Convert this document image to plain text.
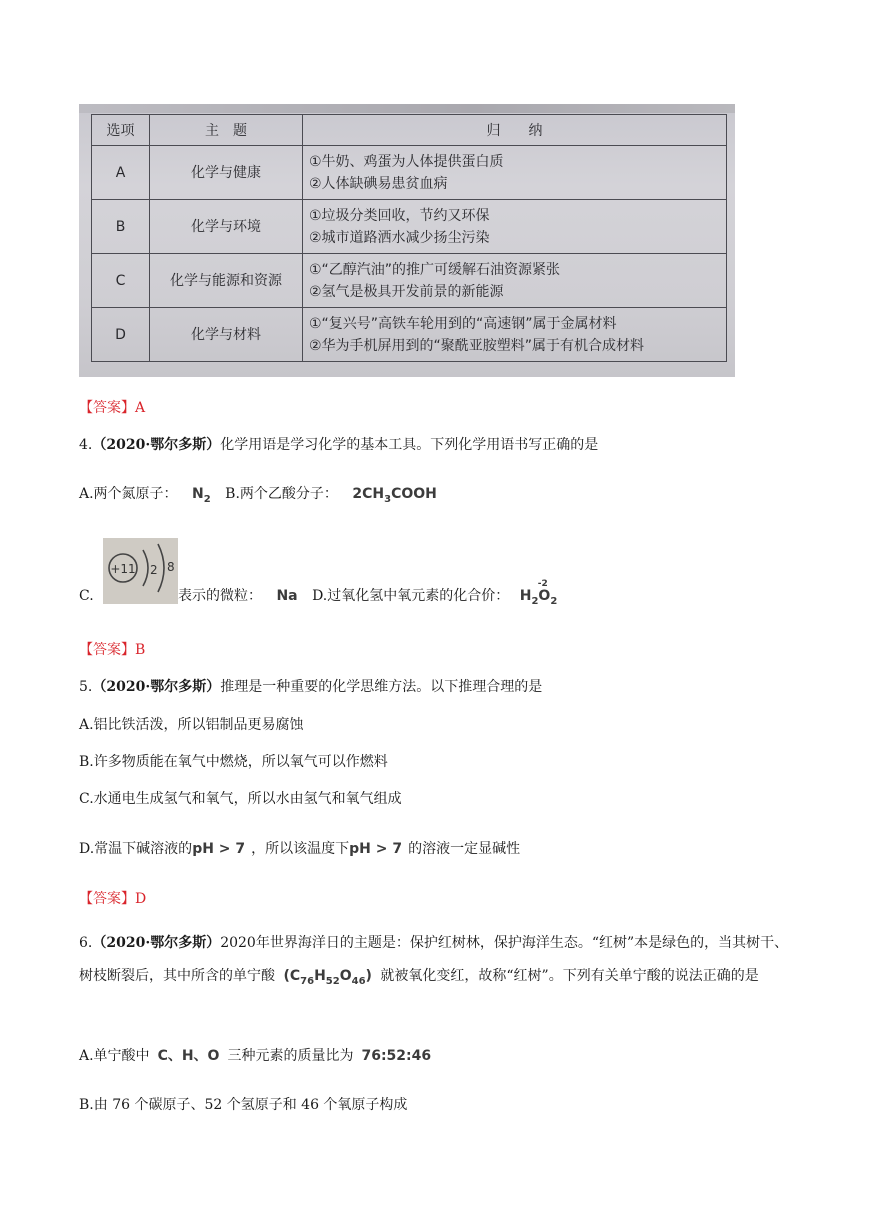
选项	主　题	归　　纳
A	化学与健康	①牛奶、鸡蛋为人体提供蛋白质
②人体缺碘易患贫血病

B	化学与环境	①垃圾分类回收，节约又环保
②城市道路洒水减少扬尘污染

C	化学与能源和资源	①“乙醇汽油”的推广可缓解石油资源紧张
②氢气是极具开发前景的新能源

D	化学与材料	①“复兴号”高铁车轮用到的“高速钢”属于金属材料
②华为手机屏用到的“聚酰亚胺塑料”属于有机合成材料
【答案】A
4.（2020·鄂尔多斯）化学用语是学习化学的基本工具。下列化学用语书写正确的是
A.两个氮原子： $N_2$ B.两个乙酸分子： $2CH_3COOH$
+11 2 8
C.	表示的微粒： Na D.过氧化氢中氧元素的化合价： $H_2O_2$
-2
【答案】B
5.（2020·鄂尔多斯）推理是一种重要的化学思维方法。以下推理合理的是
A.铝比铁活泼，所以铝制品更易腐蚀
B.许多物质能在氧气中燃烧，所以氧气可以作燃料
C.水通电生成氢气和氧气，所以水由氢气和氧气组成
D.常温下碱溶液的pH > 7 ，所以该温度下pH > 7 的溶液一定显碱性
【答案】D
6.（2020·鄂尔多斯）2020年世界海洋日的主题是：保护红树林，保护海洋生态。“红树”本是绿色的，当其树干、树枝断裂后，其中所含的单宁酸 $(C_{76}H_{52}O_{46})$ 就被氧化变红，故称“红树”。下列有关单宁酸的说法正确的是
A.单宁酸中 C、H、O 三种元素的质量比为 76:52:46
B.由 76 个碳原子、52 个氢原子和 46 个氧原子构成
